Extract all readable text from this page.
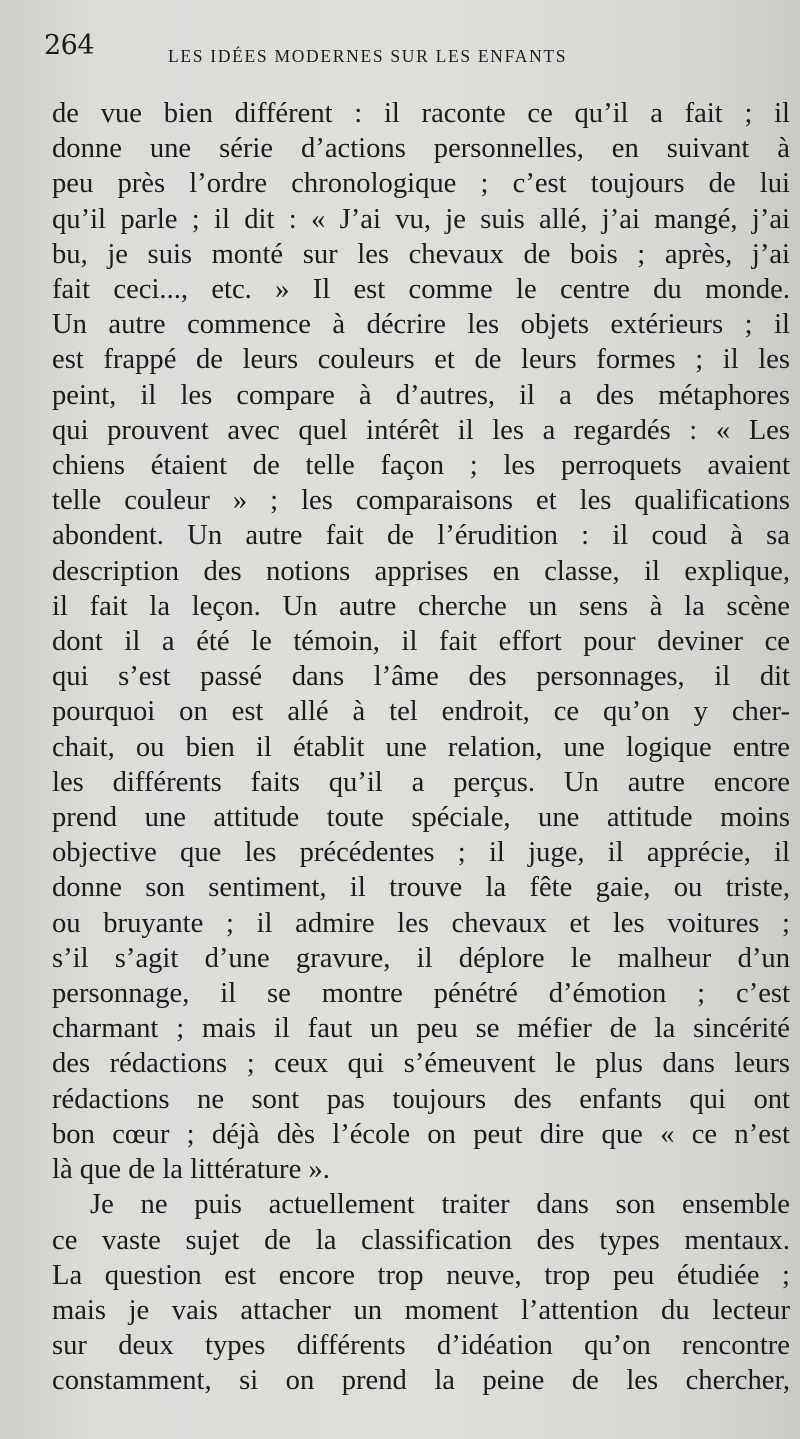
264	LES IDÉES MODERNES SUR LES ENFANTS
de vue bien différent : il raconte ce qu’il a fait ; il
donne une série d’actions personnelles, en suivant à
peu près l’ordre chronologique ; c’est toujours de lui
qu’il parle ; il dit : « J’ai vu, je suis allé, j’ai mangé, j’ai
bu, je suis monté sur les chevaux de bois ; après, j’ai
fait ceci..., etc. » Il est comme le centre du monde.
Un autre commence à décrire les objets extérieurs ; il
est frappé de leurs couleurs et de leurs formes ; il les
peint, il les compare à d’autres, il a des métaphores
qui prouvent avec quel intérêt il les a regardés : « Les
chiens étaient de telle façon ; les perroquets avaient
telle couleur » ; les comparaisons et les qualifications
abondent. Un autre fait de l’érudition : il coud à sa
description des notions apprises en classe, il explique,
il fait la leçon. Un autre cherche un sens à la scène
dont il a été le témoin, il fait effort pour deviner ce
qui s’est passé dans l’âme des personnages, il dit
pourquoi on est allé à tel endroit, ce qu’on y cher-
chait, ou bien il établit une relation, une logique entre
les différents faits qu’il a perçus. Un autre encore
prend une attitude toute spéciale, une attitude moins
objective que les précédentes ; il juge, il apprécie, il
donne son sentiment, il trouve la fête gaie, ou triste,
ou bruyante ; il admire les chevaux et les voitures ;
s’il s’agit d’une gravure, il déplore le malheur d’un
personnage, il se montre pénétré d’émotion ; c’est
charmant ; mais il faut un peu se méfier de la sincérité
des rédactions ; ceux qui s’émeuvent le plus dans leurs
rédactions ne sont pas toujours des enfants qui ont
bon cœur ; déjà dès l’école on peut dire que « ce n’est
là que de la littérature ».
Je ne puis actuellement traiter dans son ensemble
ce vaste sujet de la classification des types mentaux.
La question est encore trop neuve, trop peu étudiée ;
mais je vais attacher un moment l’attention du lecteur
sur deux types différents d’idéation qu’on rencontre
constamment, si on prend la peine de les chercher,
